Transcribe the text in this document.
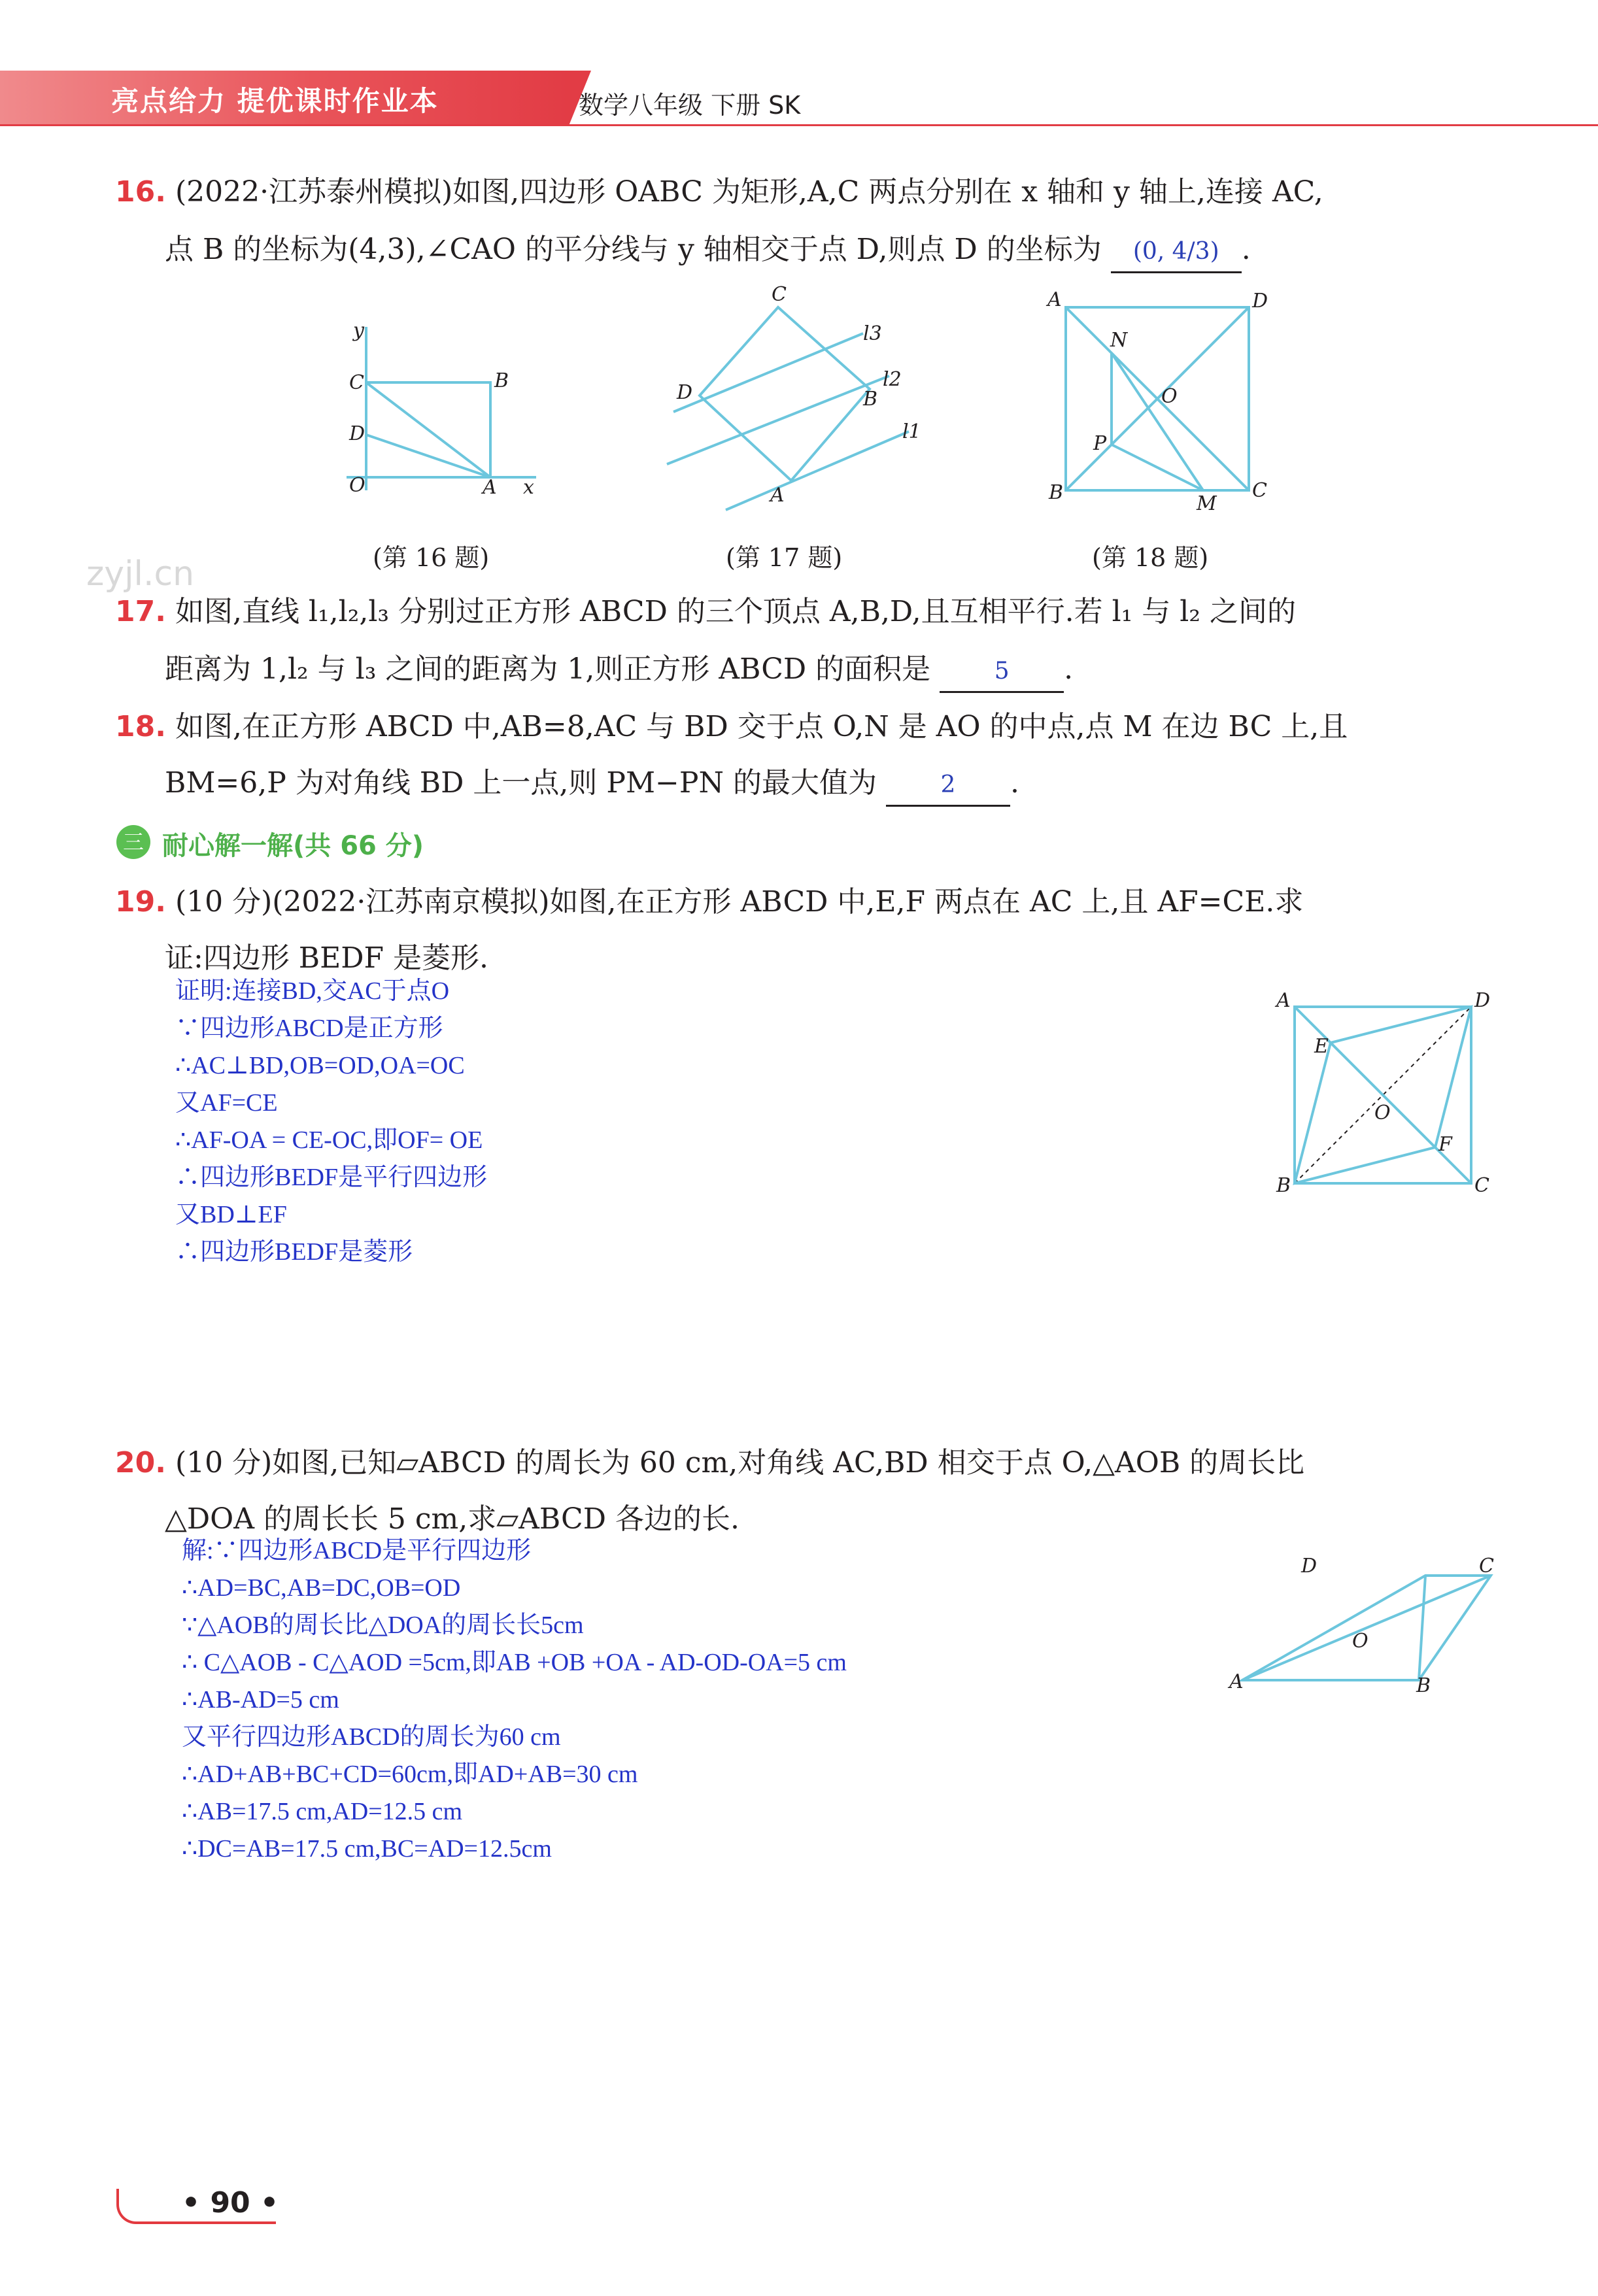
亮点给力 提优课时作业本	数学八年级 下册 SK
16. (2022·江苏泰州模拟)如图,四边形 OABC 为矩形,A,C 两点分别在 x 轴和 y 轴上,连接 AC,
点 B 的坐标为(4,3),∠CAO 的平分线与 y 轴相交于点 D,则点 D 的坐标为 (0, 4/3) .
y
C	B
D
O	A x
(第 16 题)
C
l3
D
l2
B
l1
A
(第 17 题)
A	D
N
O
P
B	M
C
(第 18 题)
zyjl.cn
17. 如图,直线 l₁,l₂,l₃ 分别过正方形 ABCD 的三个顶点 A,B,D,且互相平行.若 l₁ 与 l₂ 之间的
距离为 1,l₂ 与 l₃ 之间的距离为 1,则正方形 ABCD 的面积是	5 .
18. 如图,在正方形 ABCD 中,AB=8,AC 与 BD 交于点 O,N 是 AO 的中点,点 M 在边 BC 上,且
BM=6,P 为对角线 BD 上一点,则 PM−PN 的最大值为	2 .
三 耐心解一解(共 66 分)
19. (10 分)(2022·江苏南京模拟)如图,在正方形 ABCD 中,E,F 两点在 AC 上,且 AF=CE.求
证:四边形 BEDF 是菱形.
证明:连接BD,交AC于点O
∵四边形ABCD是正方形
∴AC⊥BD,OB=OD,OA=OC
又AF=CE
∴AF-OA = CE-OC,即OF= OE
∴四边形BEDF是平行四边形
又BD⊥EF
∴四边形BEDF是菱形
A	D
E
O
F
B	C
20. (10 分)如图,已知▱ABCD 的周长为 60 cm,对角线 AC,BD 相交于点 O,△AOB 的周长比
△DOA 的周长长 5 cm,求▱ABCD 各边的长.
解:∵四边形ABCD是平行四边形
∴AD=BC,AB=DC,OB=OD
∵△AOB的周长比△DOA的周长长5cm
∴ C△AOB - C△AOD =5cm,即AB +OB +OA - AD-OD-OA=5 cm
∴AB-AD=5 cm
又平行四边形ABCD的周长为60 cm
∴AD+AB+BC+CD=60cm,即AD+AB=30 cm
∴AB=17.5 cm,AD=12.5 cm
∴DC=AB=17.5 cm,BC=AD=12.5cm
D	C
O
A	B
• 90 •
